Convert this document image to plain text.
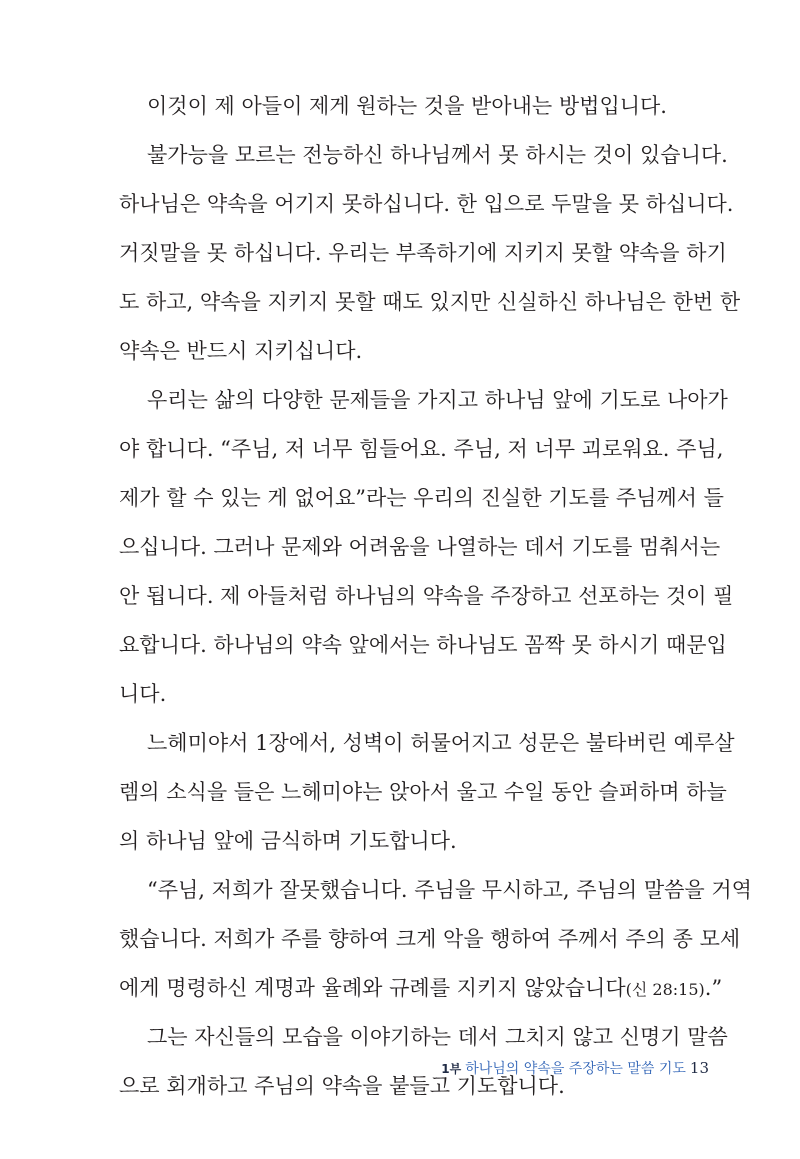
이것이 제 아들이 제게 원하는 것을 받아내는 방법입니다.
불가능을 모르는 전능하신 하나님께서 못 하시는 것이 있습니다.
하나님은 약속을 어기지 못하십니다. 한 입으로 두말을 못 하십니다.
거짓말을 못 하십니다. 우리는 부족하기에 지키지 못할 약속을 하기
도 하고, 약속을 지키지 못할 때도 있지만 신실하신 하나님은 한번 한
약속은 반드시 지키십니다.
우리는 삶의 다양한 문제들을 가지고 하나님 앞에 기도로 나아가
야 합니다. “주님, 저 너무 힘들어요. 주님, 저 너무 괴로워요. 주님,
제가 할 수 있는 게 없어요”라는 우리의 진실한 기도를 주님께서 들
으십니다. 그러나 문제와 어려움을 나열하는 데서 기도를 멈춰서는
안 됩니다. 제 아들처럼 하나님의 약속을 주장하고 선포하는 것이 필
요합니다. 하나님의 약속 앞에서는 하나님도 꼼짝 못 하시기 때문입
니다.
느헤미야서 1장에서, 성벽이 허물어지고 성문은 불타버린 예루살
렘의 소식을 들은 느헤미야는 앉아서 울고 수일 동안 슬퍼하며 하늘
의 하나님 앞에 금식하며 기도합니다.
“주님, 저희가 잘못했습니다. 주님을 무시하고, 주님의 말씀을 거역
했습니다. 저희가 주를 향하여 크게 악을 행하여 주께서 주의 종 모세
에게 명령하신 계명과 율례와 규례를 지키지 않았습니다(신 28:15).”
그는 자신들의 모습을 이야기하는 데서 그치지 않고 신명기 말씀
으로 회개하고 주님의 약속을 붙들고 기도합니다.
1부 하나님의 약속을 주장하는 말씀 기도 13
